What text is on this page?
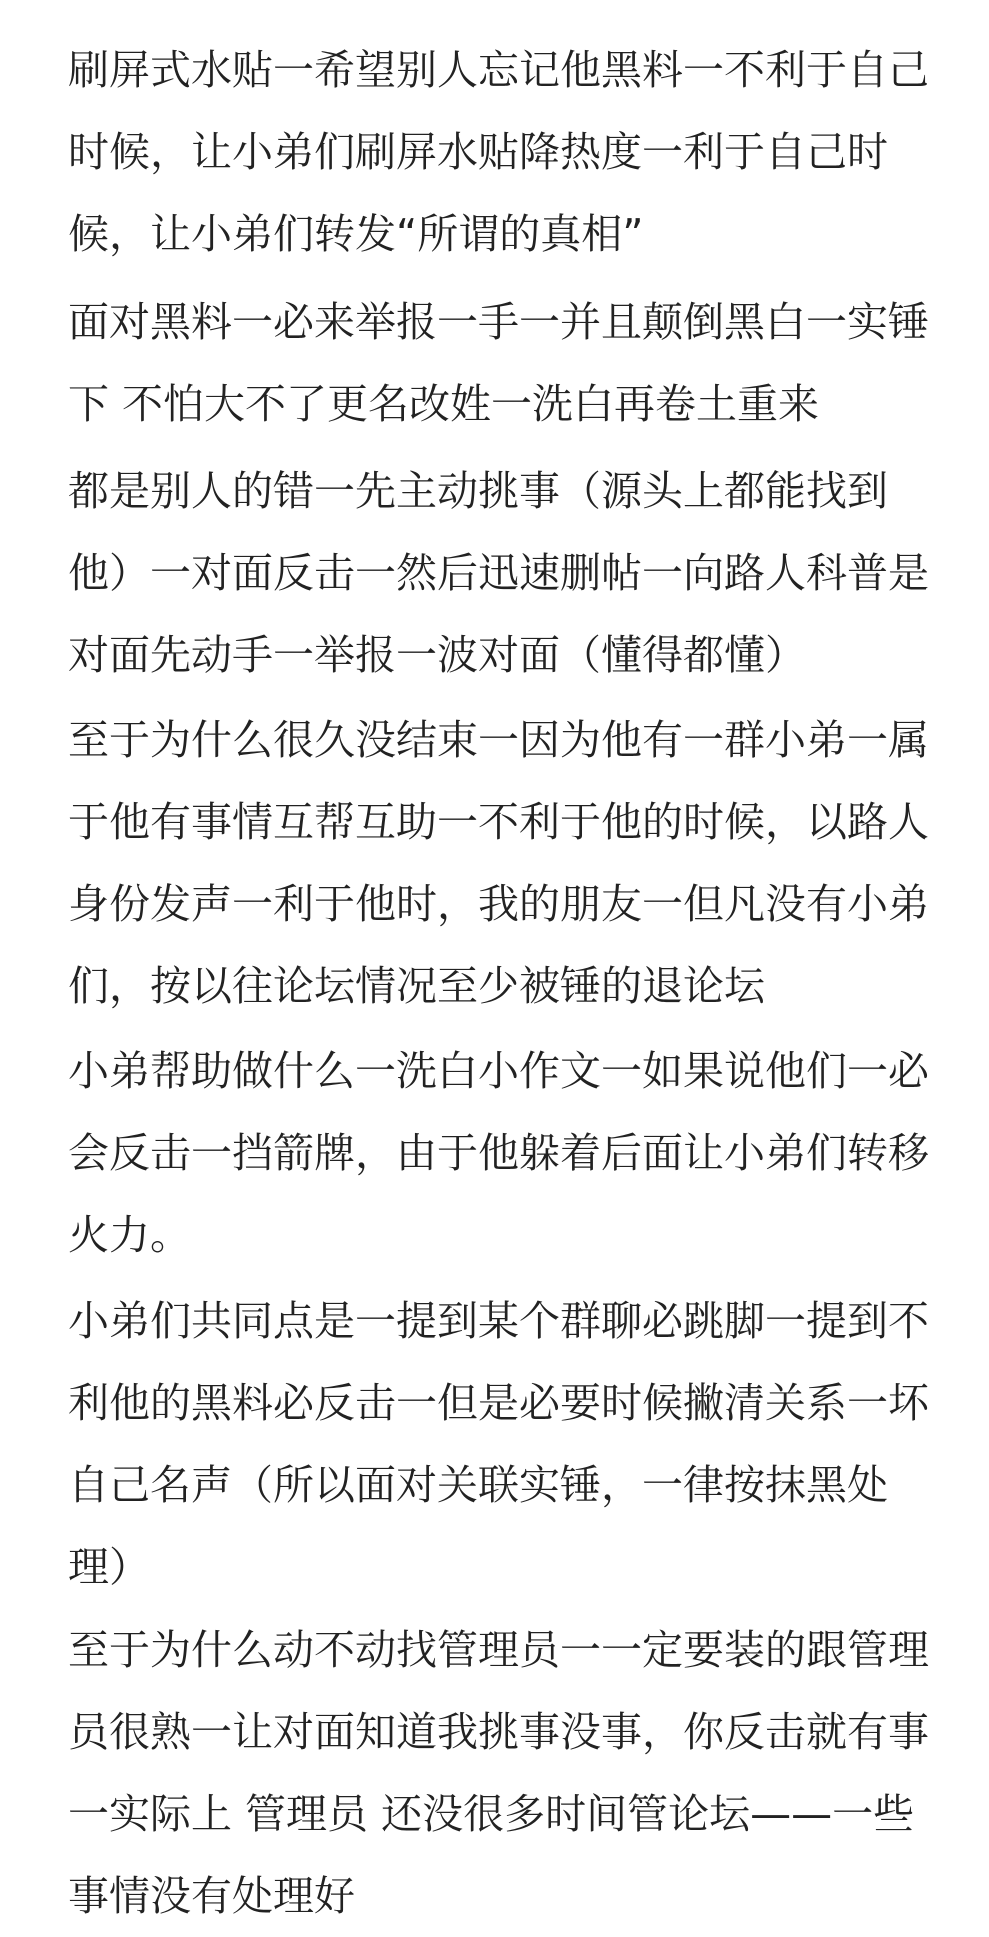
刷屏式水贴一希望别人忘记他黑料一不利于自己
时候，让小弟们刷屏水贴降热度一利于自己时
候，让小弟们转发“所谓的真相”

面对黑料一必来举报一手一并且颠倒黑白一实锤
下 不怕大不了更名改姓一洗白再卷土重来

都是别人的错一先主动挑事（源头上都能找到
他）一对面反击一然后迅速删帖一向路人科普是
对面先动手一举报一波对面（懂得都懂）

至于为什么很久没结束一因为他有一群小弟一属
于他有事情互帮互助一不利于他的时候，以路人
身份发声一利于他时，我的朋友一但凡没有小弟
们，按以往论坛情况至少被锤的退论坛

小弟帮助做什么一洗白小作文一如果说他们一必
会反击一挡箭牌，由于他躲着后面让小弟们转移
火力。

小弟们共同点是一提到某个群聊必跳脚一提到不
利他的黑料必反击一但是必要时候撇清关系一坏
自己名声（所以面对关联实锤，一律按抹黑处
理）

至于为什么动不动找管理员一一定要装的跟管理
员很熟一让对面知道我挑事没事，你反击就有事
一实际上 管理员 还没很多时间管论坛——一些
事情没有处理好
